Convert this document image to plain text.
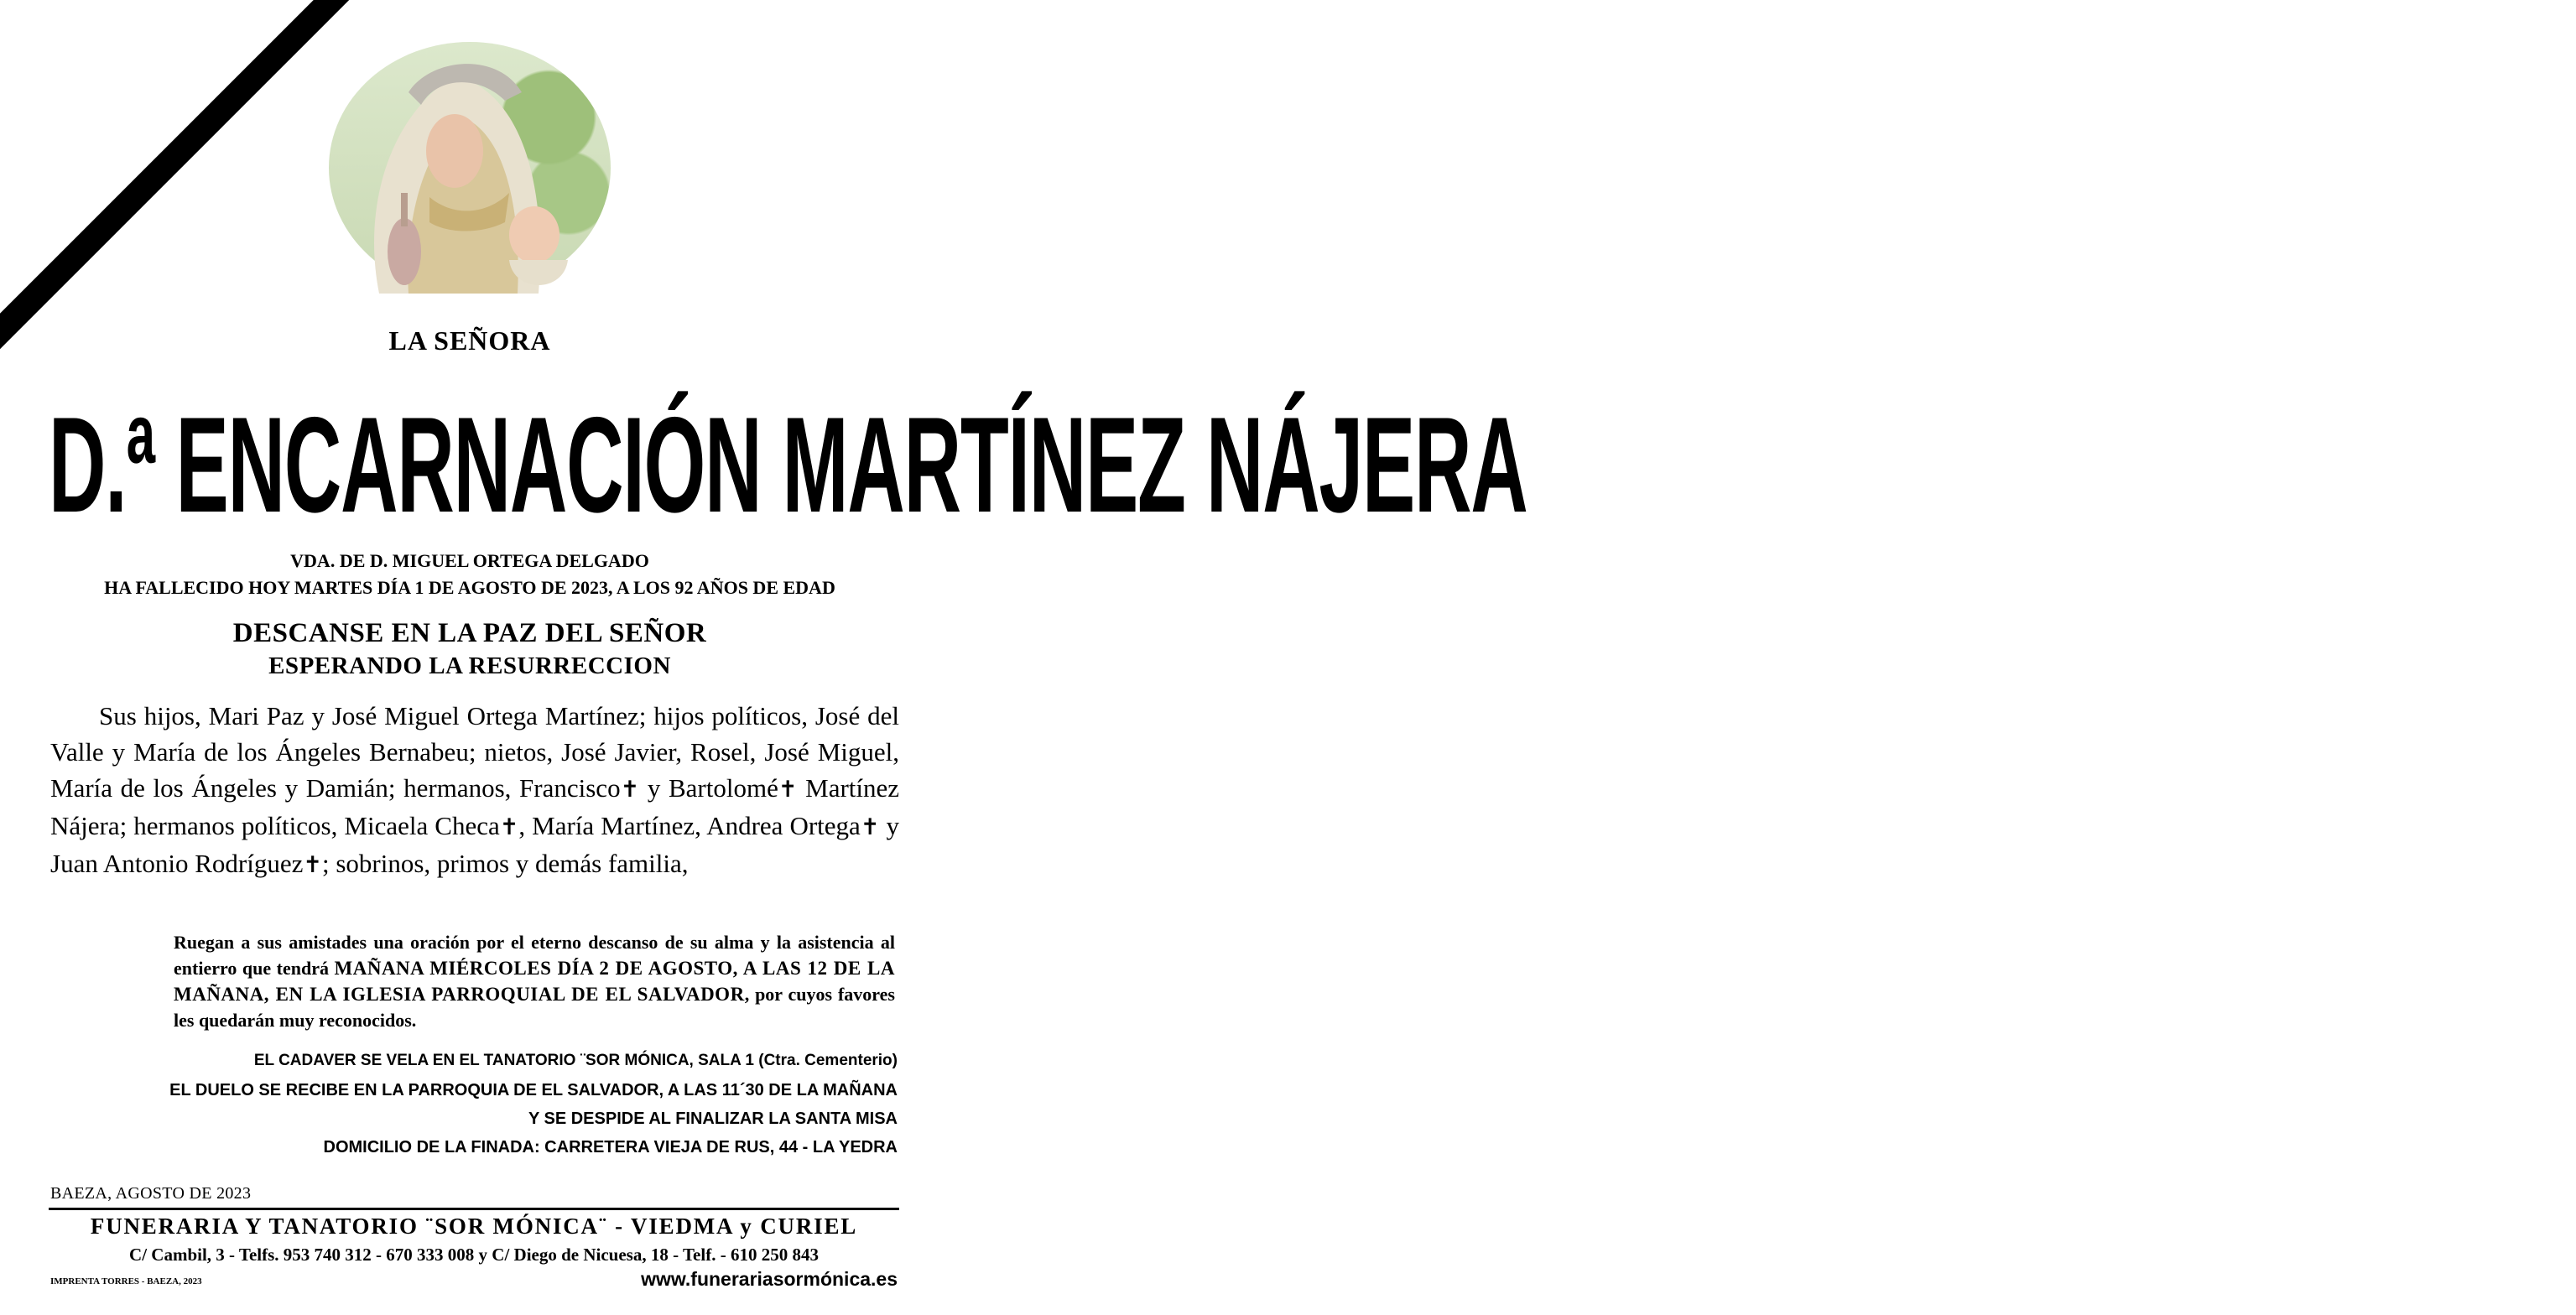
LA SEÑORA
D.ª ENCARNACIÓN MARTÍNEZ NÁJERA
VDA. DE D. MIGUEL ORTEGA DELGADO
HA FALLECIDO HOY MARTES DÍA 1 DE AGOSTO DE 2023, A LOS 92 AÑOS DE EDAD
DESCANSE EN LA PAZ DEL SEÑOR
ESPERANDO LA RESURRECCION
Sus hijos, Mari Paz y José Miguel Ortega Martínez; hijos políticos, José del Valle y María de los Ángeles Bernabeu; nietos, José Javier, Rosel, José Miguel, María de los Ángeles y Damián; hermanos, Francisco✝ y Bartolomé✝ Martínez Nájera; hermanos políticos, Micaela Checa✝, María Martínez, Andrea Ortega✝ y Juan Antonio Rodríguez✝; sobrinos, primos y demás familia,
Ruegan a sus amistades una oración por el eterno descanso de su alma y la asistencia al entierro que tendrá MAÑANA MIÉRCOLES DÍA 2 DE AGOSTO, A LAS 12 DE LA MAÑANA, EN LA IGLESIA PARROQUIAL DE EL SALVADOR, por cuyos favores les quedarán muy reconocidos.
EL CADAVER SE VELA EN EL TANATORIO ¨SOR MÓNICA, SALA 1 (Ctra. Cementerio)
EL DUELO SE RECIBE EN LA PARROQUIA DE EL SALVADOR, A LAS 11´30 DE LA MAÑANA
Y SE DESPIDE AL FINALIZAR LA SANTA MISA
DOMICILIO DE LA FINADA: CARRETERA VIEJA DE RUS, 44 - LA YEDRA
BAEZA, AGOSTO DE 2023
FUNERARIA Y TANATORIO ¨SOR MÓNICA¨ - VIEDMA y CURIEL
C/ Cambil, 3 - Telfs. 953 740 312 - 670 333 008 y C/ Diego de Nicuesa, 18 - Telf. - 610 250 843
IMPRENTA TORRES - BAEZA, 2023	www.funerariasormónica.es
